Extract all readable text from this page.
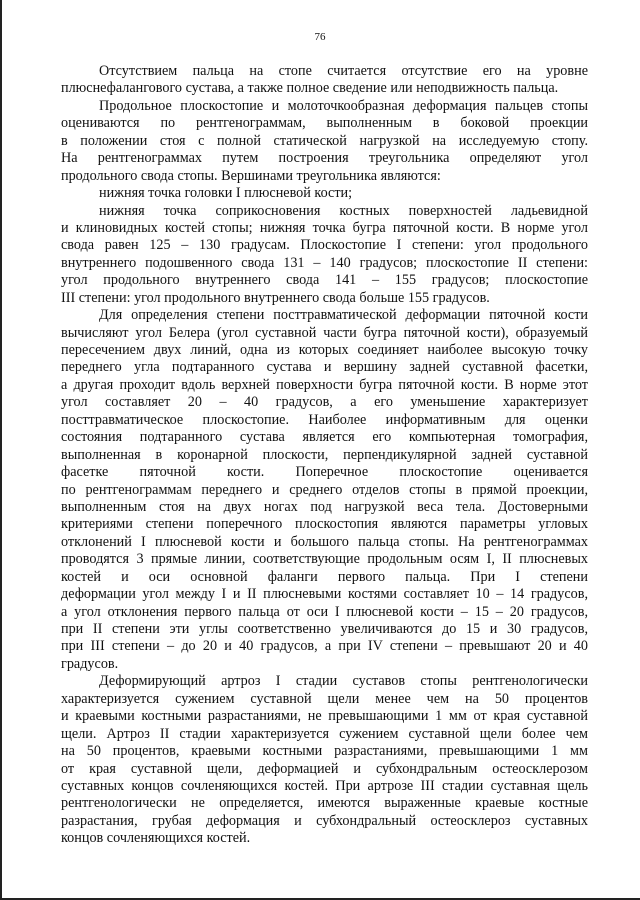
76
Отсутствием пальца на стопе считается отсутствие его на уровне
плюснефалангового сустава, а также полное сведение или неподвижность пальца.
Продольное плоскостопие и молоточкообразная деформация пальцев стопы
оцениваются по рентгенограммам, выполненным в боковой проекции
в положении стоя с полной статической нагрузкой на исследуемую стопу.
На рентгенограммах путем построения треугольника определяют угол
продольного свода стопы. Вершинами треугольника являются:
нижняя точка головки I плюсневой кости;
нижняя точка соприкосновения костных поверхностей ладьевидной
и клиновидных костей стопы; нижняя точка бугра пяточной кости. В норме угол
свода равен 125 – 130 градусам. Плоскостопие I степени: угол продольного
внутреннего подошвенного свода 131 – 140 градусов; плоскостопие II степени:
угол продольного внутреннего свода 141 – 155 градусов; плоскостопие
III степени: угол продольного внутреннего свода больше 155 градусов.
Для определения степени посттравматической деформации пяточной кости
вычисляют угол Белера (угол суставной части бугра пяточной кости), образуемый
пересечением двух линий, одна из которых соединяет наиболее высокую точку
переднего угла подтаранного сустава и вершину задней суставной фасетки,
а другая проходит вдоль верхней поверхности бугра пяточной кости. В норме этот
угол составляет 20 – 40 градусов, а его уменьшение характеризует
посттравматическое плоскостопие. Наиболее информативным для оценки
состояния подтаранного сустава является его компьютерная томография,
выполненная в коронарной плоскости, перпендикулярной задней суставной
фасетке пяточной кости. Поперечное плоскостопие оценивается
по рентгенограммам переднего и среднего отделов стопы в прямой проекции,
выполненным стоя на двух ногах под нагрузкой веса тела. Достоверными
критериями степени поперечного плоскостопия являются параметры угловых
отклонений I плюсневой кости и большого пальца стопы. На рентгенограммах
проводятся 3 прямые линии, соответствующие продольным осям I, II плюсневых
костей и оси основной фаланги первого пальца. При I степени
деформации угол между I и II плюсневыми костями составляет 10 – 14 градусов,
а угол отклонения первого пальца от оси I плюсневой кости – 15 – 20 градусов,
при II степени эти углы соответственно увеличиваются до 15 и 30 градусов,
при III степени – до 20 и 40 градусов, а при IV степени – превышают 20 и 40
градусов.
Деформирующий артроз I стадии суставов стопы рентгенологически
характеризуется сужением суставной щели менее чем на 50 процентов
и краевыми костными разрастаниями, не превышающими 1 мм от края суставной
щели. Артроз II стадии характеризуется сужением суставной щели более чем
на 50 процентов, краевыми костными разрастаниями, превышающими 1 мм
от края суставной щели, деформацией и субхондральным остеосклерозом
суставных концов сочленяющихся костей. При артрозе III стадии суставная щель
рентгенологически не определяется, имеются выраженные краевые костные
разрастания, грубая деформация и субхондральный остеосклероз суставных
концов сочленяющихся костей.
